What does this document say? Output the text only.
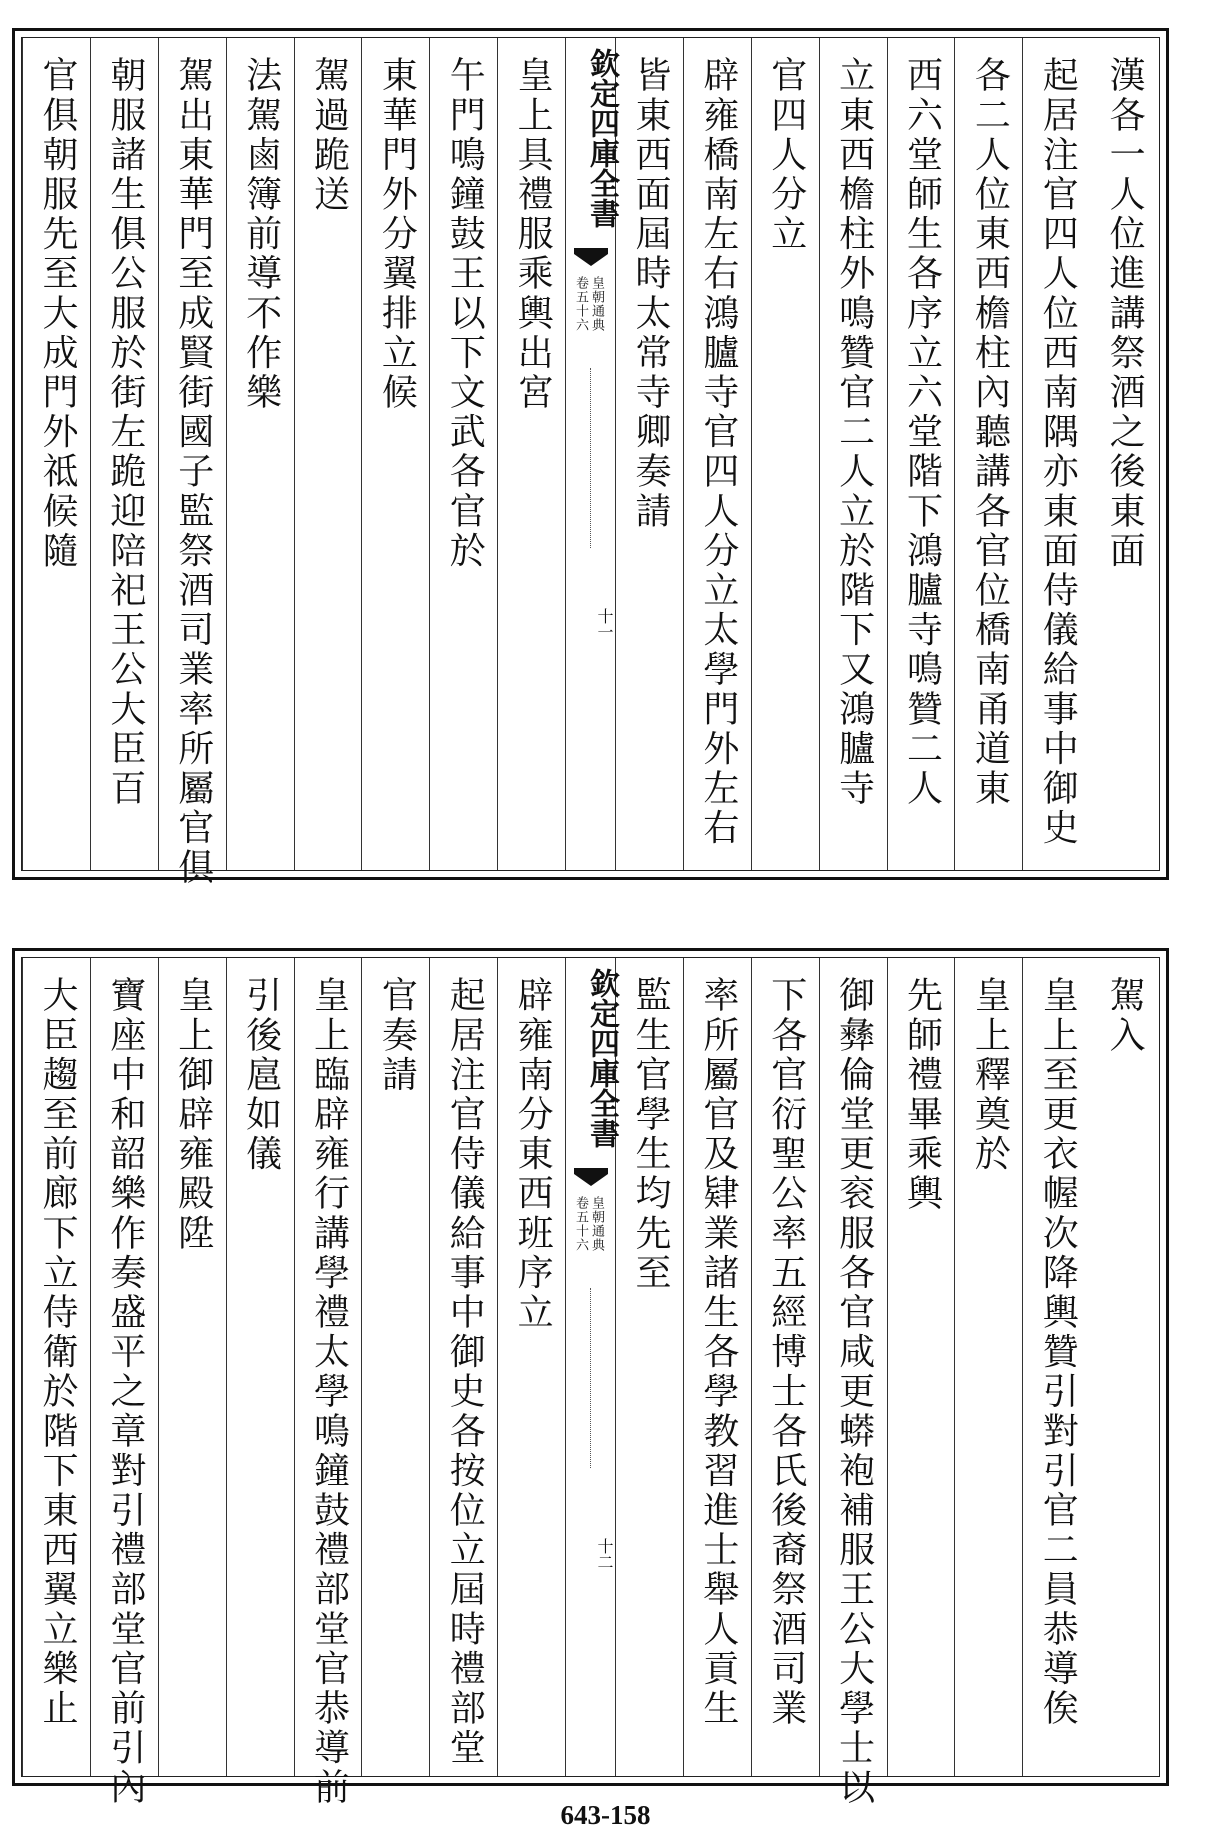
漢各一人位進講祭酒之後東面
起居注官四人位西南隅亦東面侍儀給事中御史
各二人位東西檐柱內聽講各官位橋南甬道東
西六堂師生各序立六堂階下鴻臚寺鳴贊二人
立東西檐柱外鳴贊官二人立於階下又鴻臚寺
官四人分立
辟雍橋南左右鴻臚寺官四人分立太學門外左右
皆東西面屆時太常寺卿奏請
欽定四庫全書
皇朝通典
卷五十六
十一
皇上具禮服乘輿出宮
午門鳴鐘鼓王以下文武各官於
東華門外分翼排立候
駕過跪送
法駕鹵簿前導不作樂
駕出東華門至成賢街國子監祭酒司業率所屬官俱
朝服諸生俱公服於街左跪迎陪祀王公大臣百
官俱朝服先至大成門外祗候隨
駕入
皇上至更衣幄次降輿贊引對引官二員恭導俟
皇上釋奠於
先師禮畢乘輿
御彝倫堂更衮服各官咸更蟒袍補服王公大學士以
下各官衍聖公率五經博士各氏後裔祭酒司業
率所屬官及肄業諸生各學教習進士舉人貢生
監生官學生均先至
欽定四庫全書
皇朝通典
卷五十六
十二
辟雍南分東西班序立
起居注官侍儀給事中御史各按位立屆時禮部堂
官奏請
皇上臨辟雍行講學禮太學鳴鐘鼓禮部堂官恭導前
引後扈如儀
皇上御辟雍殿陞
寶座中和韶樂作奏盛平之章對引禮部堂官前引內
大臣趨至前廊下立侍衛於階下東西翼立樂止
643-158
